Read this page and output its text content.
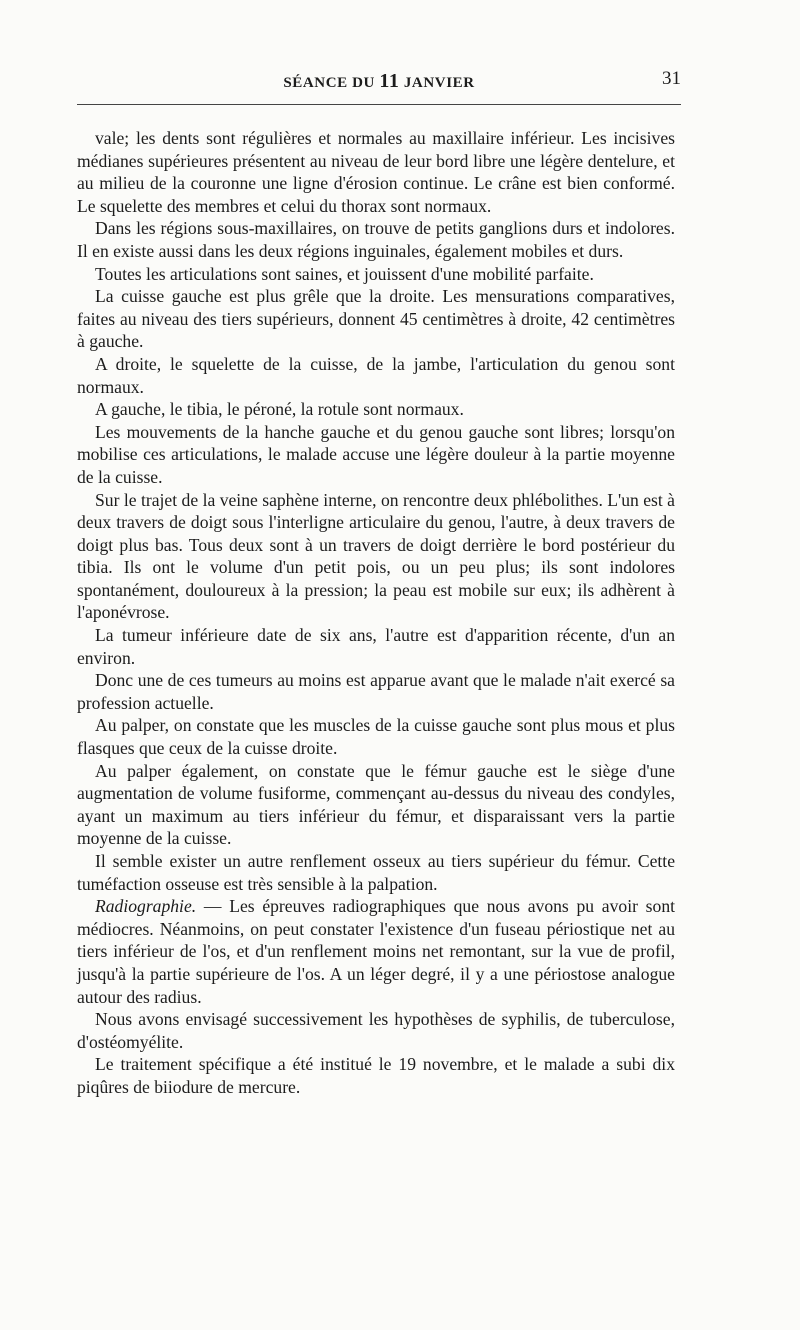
SÉANCE DU 11 JANVIER	31

vale; les dents sont régulières et normales au maxillaire inférieur. Les incisives médianes supérieures présentent au niveau de leur bord libre une légère dentelure, et au milieu de la couronne une ligne d'érosion continue. Le crâne est bien conformé. Le squelette des membres et celui du thorax sont normaux.

Dans les régions sous-maxillaires, on trouve de petits ganglions durs et indolores. Il en existe aussi dans les deux régions inguinales, également mobiles et durs.

Toutes les articulations sont saines, et jouissent d'une mobilité parfaite.

La cuisse gauche est plus grêle que la droite. Les mensurations comparatives, faites au niveau des tiers supérieurs, donnent 45 centimètres à droite, 42 centimètres à gauche.

A droite, le squelette de la cuisse, de la jambe, l'articulation du genou sont normaux.

A gauche, le tibia, le péroné, la rotule sont normaux.

Les mouvements de la hanche gauche et du genou gauche sont libres; lorsqu'on mobilise ces articulations, le malade accuse une légère douleur à la partie moyenne de la cuisse.

Sur le trajet de la veine saphène interne, on rencontre deux phlébolithes. L'un est à deux travers de doigt sous l'interligne articulaire du genou, l'autre, à deux travers de doigt plus bas. Tous deux sont à un travers de doigt derrière le bord postérieur du tibia. Ils ont le volume d'un petit pois, ou un peu plus; ils sont indolores spontanément, douloureux à la pression; la peau est mobile sur eux; ils adhèrent à l'aponévrose.

La tumeur inférieure date de six ans, l'autre est d'apparition récente, d'un an environ.

Donc une de ces tumeurs au moins est apparue avant que le malade n'ait exercé sa profession actuelle.

Au palper, on constate que les muscles de la cuisse gauche sont plus mous et plus flasques que ceux de la cuisse droite.

Au palper également, on constate que le fémur gauche est le siège d'une augmentation de volume fusiforme, commençant au-dessus du niveau des condyles, ayant un maximum au tiers inférieur du fémur, et disparaissant vers la partie moyenne de la cuisse.

Il semble exister un autre renflement osseux au tiers supérieur du fémur. Cette tuméfaction osseuse est très sensible à la palpation.

Radiographie. — Les épreuves radiographiques que nous avons pu avoir sont médiocres. Néanmoins, on peut constater l'existence d'un fuseau périostique net au tiers inférieur de l'os, et d'un renflement moins net remontant, sur la vue de profil, jusqu'à la partie supérieure de l'os. A un léger degré, il y a une périostose analogue autour des radius.

Nous avons envisagé successivement les hypothèses de syphilis, de tuberculose, d'ostéomyélite.

Le traitement spécifique a été institué le 19 novembre, et le malade a subi dix piqûres de biiodure de mercure.
